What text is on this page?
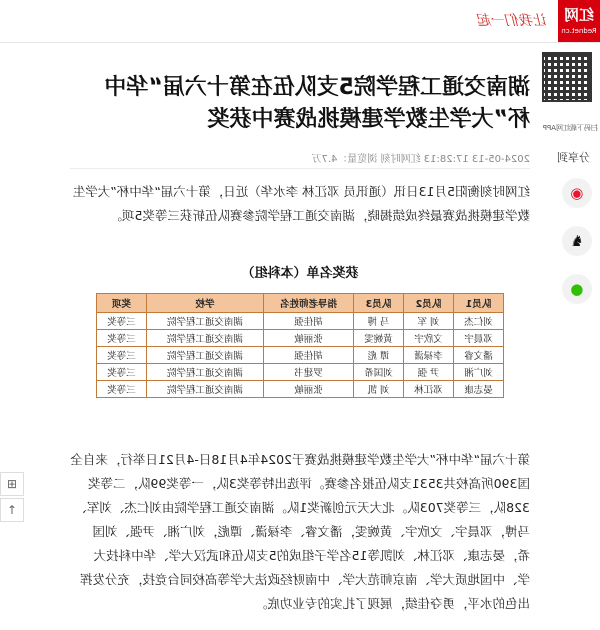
红网
Rednet.cn
让我们一起
扫码下载红网APP
分享到
◉
♞
●
湖南交通工程学院5支队伍在第十六届“华中杯”大学生数学建模挑战赛中获奖
2024-05-13 17:28:13 红网时刻 浏览量：4.7万
红网时刻衡阳5月13日讯（通讯员 邓江林 李水华）近日，第十六届“华中杯”大学生数学建模挑战赛最终成绩揭晓，湖南交通工程学院参赛队伍斩获三等奖5项。
获奖名单（本科组）
队员1	队员2	队员3	指导老师姓名	学校	奖项
刘仁杰	刘 军	马 博	胡佳强	湖南交通工程学院	三等奖
邓晨宇	文欣宇	黄婉雯	张丽敏	湖南交通工程学院	三等奖
潘文睿	李禄潇	谭 彪	胡佳强	湖南交通工程学院	三等奖
刘广湘	尹 强	刘国希	罗建书	湖南交通工程学院	三等奖
晏志康	邓江林	刘 凯	张丽敏	湖南交通工程学院	三等奖
第十六届“华中杯”大学生数学建模挑战赛于2024年4月18日-4月21日举行，来自全国390所高校共3531支队伍报名参赛。评选出特等奖3队，一等奖99队，二等奖328队，三等奖703队。北大天元创新奖1队。湖南交通工程学院由刘仁杰、刘军、马博，邓晨宇、文欣宇、黄婉雯，潘文睿、李禄潇、谭彪，刘广湘、尹强、刘国希，晏志康、邓江林、刘凯等15名学子组成的5支队伍和武汉大学、华中科技大学、中国地质大学、南京师范大学、中南财经政法大学等高校同台竞技，充分发挥出色的水平，勇夺佳绩，展现了扎实的专业功底。
⊞
↑
